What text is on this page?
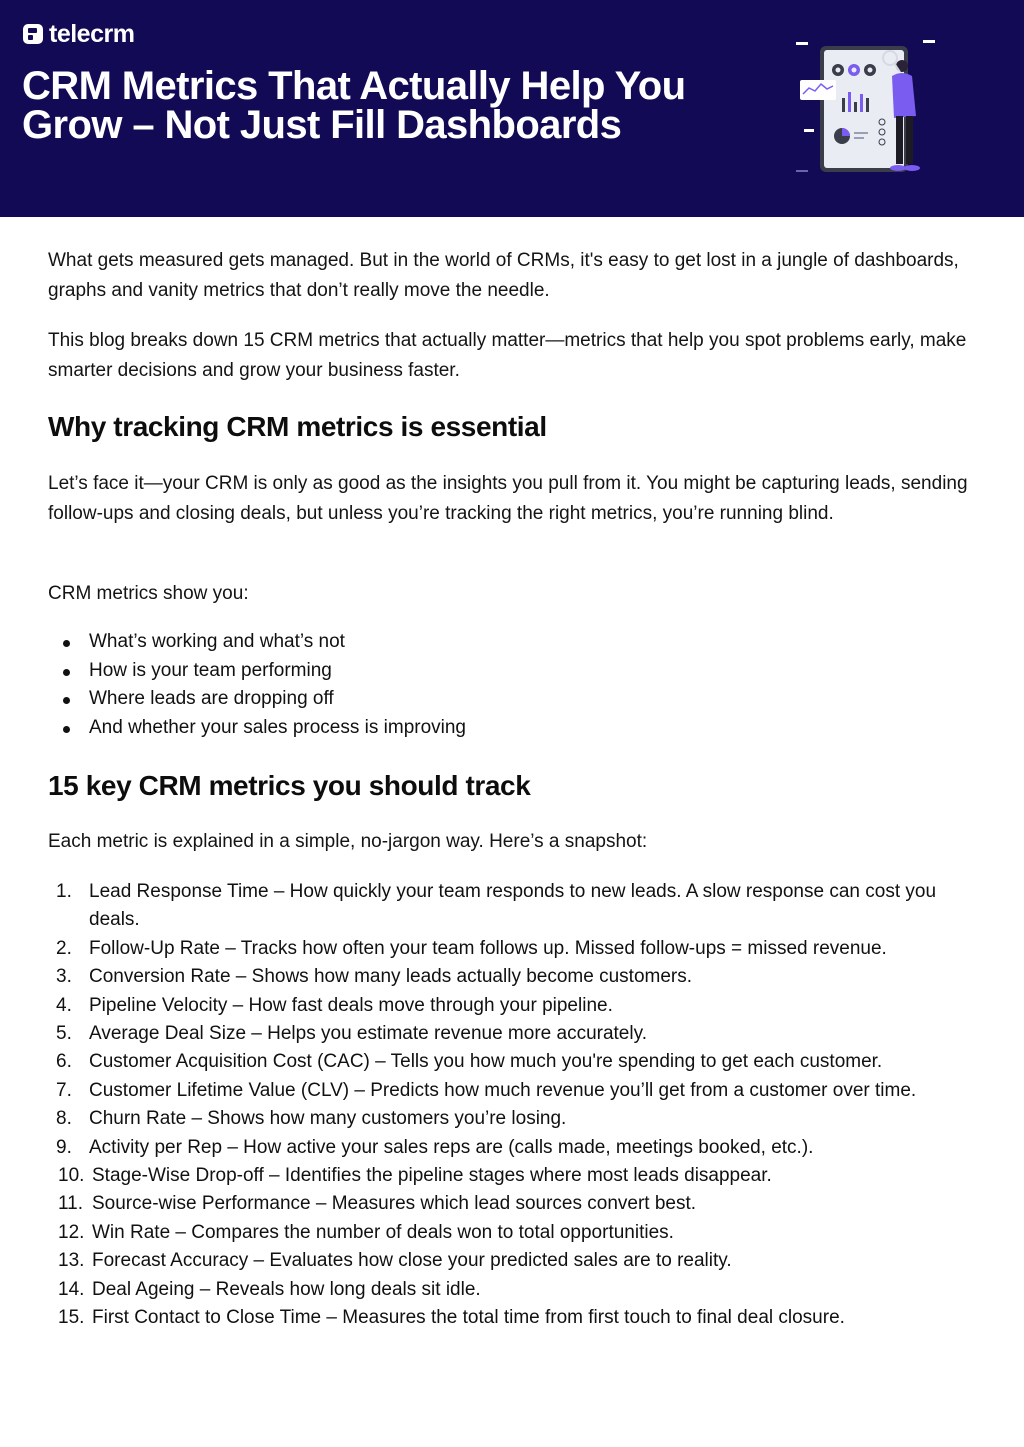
telecrm
CRM Metrics That Actually Help You Grow – Not Just Fill Dashboards

What gets measured gets managed. But in the world of CRMs, it's easy to get lost in a jungle of dashboards, graphs and vanity metrics that don’t really move the needle.

This blog breaks down 15 CRM metrics that actually matter—metrics that help you spot problems early, make smarter decisions and grow your business faster.

Why tracking CRM metrics is essential

Let’s face it—your CRM is only as good as the insights you pull from it. You might be capturing leads, sending follow-ups and closing deals, but unless you’re tracking the right metrics, you’re running blind.

CRM metrics show you:

What’s working and what’s not
How is your team performing
Where leads are dropping off
And whether your sales process is improving
15 key CRM metrics you should track

Each metric is explained in a simple, no-jargon way. Here’s a snapshot:

1. Lead Response Time – How quickly your team responds to new leads. A slow response can cost you deals.
2. Follow-Up Rate – Tracks how often your team follows up. Missed follow-ups = missed revenue.
3. Conversion Rate – Shows how many leads actually become customers.
4. Pipeline Velocity – How fast deals move through your pipeline.
5. Average Deal Size – Helps you estimate revenue more accurately.
6. Customer Acquisition Cost (CAC) – Tells you how much you're spending to get each customer.
7. Customer Lifetime Value (CLV) – Predicts how much revenue you’ll get from a customer over time.
8. Churn Rate – Shows how many customers you’re losing.
9. Activity per Rep – How active your sales reps are (calls made, meetings booked, etc.).
10. Stage-Wise Drop-off – Identifies the pipeline stages where most leads disappear.
11. Source-wise Performance – Measures which lead sources convert best.
12. Win Rate – Compares the number of deals won to total opportunities.
13. Forecast Accuracy – Evaluates how close your predicted sales are to reality.
14. Deal Ageing – Reveals how long deals sit idle.
15. First Contact to Close Time – Measures the total time from first touch to final deal closure.
